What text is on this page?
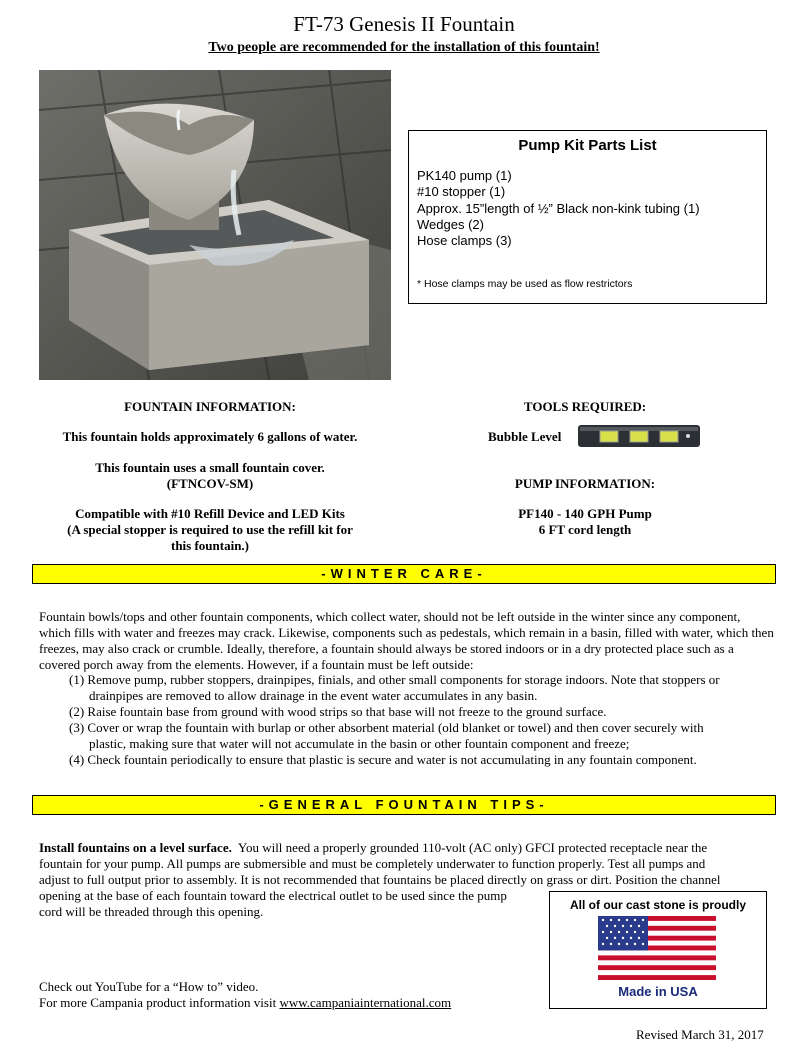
FT-73 Genesis II Fountain
Two people are recommended for the installation of this fountain!
Pump Kit Parts List
PK140 pump (1)
#10 stopper (1)
Approx. 15”length of ½” Black non-kink tubing (1)
Wedges (2)
Hose clamps (3)
* Hose clamps may be used as flow restrictors
FOUNTAIN INFORMATION:
This fountain holds approximately 6 gallons of water.
This fountain uses a small fountain cover.
(FTNCOV-SM)
Compatible with #10 Refill Device and LED Kits
(A special stopper is required to use the refill kit for
this fountain.)
TOOLS REQUIRED:
Bubble Level
PUMP INFORMATION:
PF140 - 140 GPH Pump
6 FT cord length
-WINTER CARE-
Fountain bowls/tops and other fountain components, which collect water, should not be left outside in the winter since any component, which fills with water and freezes may crack. Likewise, components such as pedestals, which remain in a basin, filled with water, which then freezes, may also crack or crumble. Ideally, therefore, a fountain should always be stored indoors or in a dry protected place such as a covered porch away from the elements. However, if a fountain must be left outside:
(1) Remove pump, rubber stoppers, drainpipes, finials, and other small components for storage indoors. Note that stoppers or
drainpipes are removed to allow drainage in the event water accumulates in any basin.
(2) Raise fountain base from ground with wood strips so that base will not freeze to the ground surface.
(3) Cover or wrap the fountain with burlap or other absorbent material (old blanket or towel) and then cover securely with
plastic, making sure that water will not accumulate in the basin or other fountain component and freeze;
(4) Check fountain periodically to ensure that plastic is secure and water is not accumulating in any fountain component.
-GENERAL FOUNTAIN TIPS-
Install fountains on a level surface.  You will need a properly grounded 110-volt (AC only) GFCI protected receptacle near the
fountain for your pump. All pumps are submersible and must be completely underwater to function properly. Test all pumps and
adjust to full output prior to assembly. It is not recommended that fountains be placed directly on grass or dirt. Position the channel
opening at the base of each fountain toward the electrical outlet to be used since the pump
cord will be threaded through this opening.	All of our cast stone is proudly
Made in USA
Check out YouTube for a “How to” video.
For more Campania product information visit www.campaniainternational.com
Revised March 31, 2017
